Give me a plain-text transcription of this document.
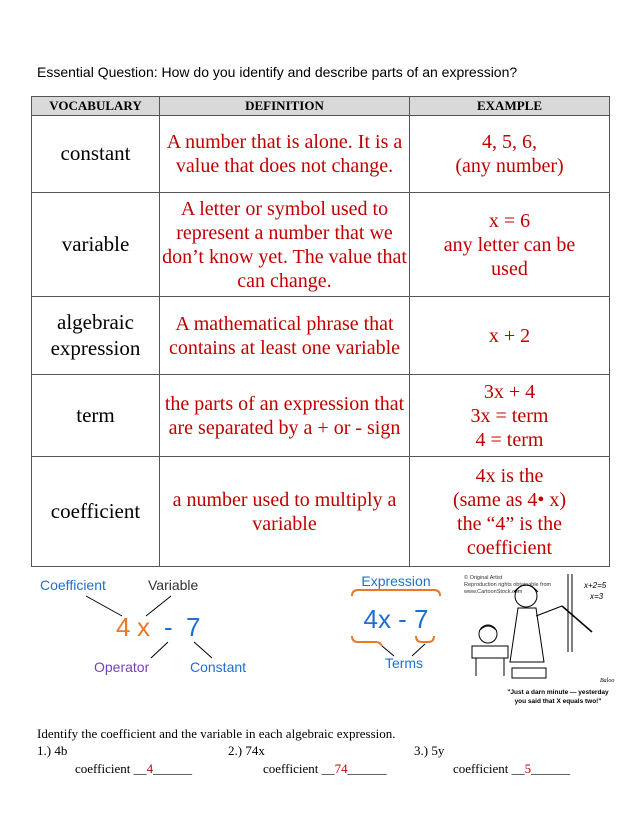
Essential Question: How do you identify and describe parts of an expression?
VOCABULARY	DEFINITION	EXAMPLE
constant	A number that is alone. It is a value that does not change.	4, 5, 6,
(any number)

variable	A letter or symbol used to represent a number that we don’t know yet. The value that can change.	x = 6
any letter can be
used

algebraic expression	A mathematical phrase that contains at least one variable	x + 2

term	the parts of an expression that are separated by a + or - sign	3x + 4
3x = term
4 = term

coefficient	a number used to multiply a variable	4x is the
(same as 4• x)
the “4” is the
coefficient
Coefficient	Variable
4 x - 7
Operator	Constant
Expression
4x - 7
Terms
© Original Artist
Reproduction rights obtainable from
www.CartoonStock.com
x+2=5
x=3
Baloo
"Just a darn minute — yesterday
you said that X equals two!"
Identify the coefficient and the variable in each algebraic expression.
1.) 4b	2.) 74x	3.) 5y
coefficient __4______	coefficient __74______	coefficient __5______
